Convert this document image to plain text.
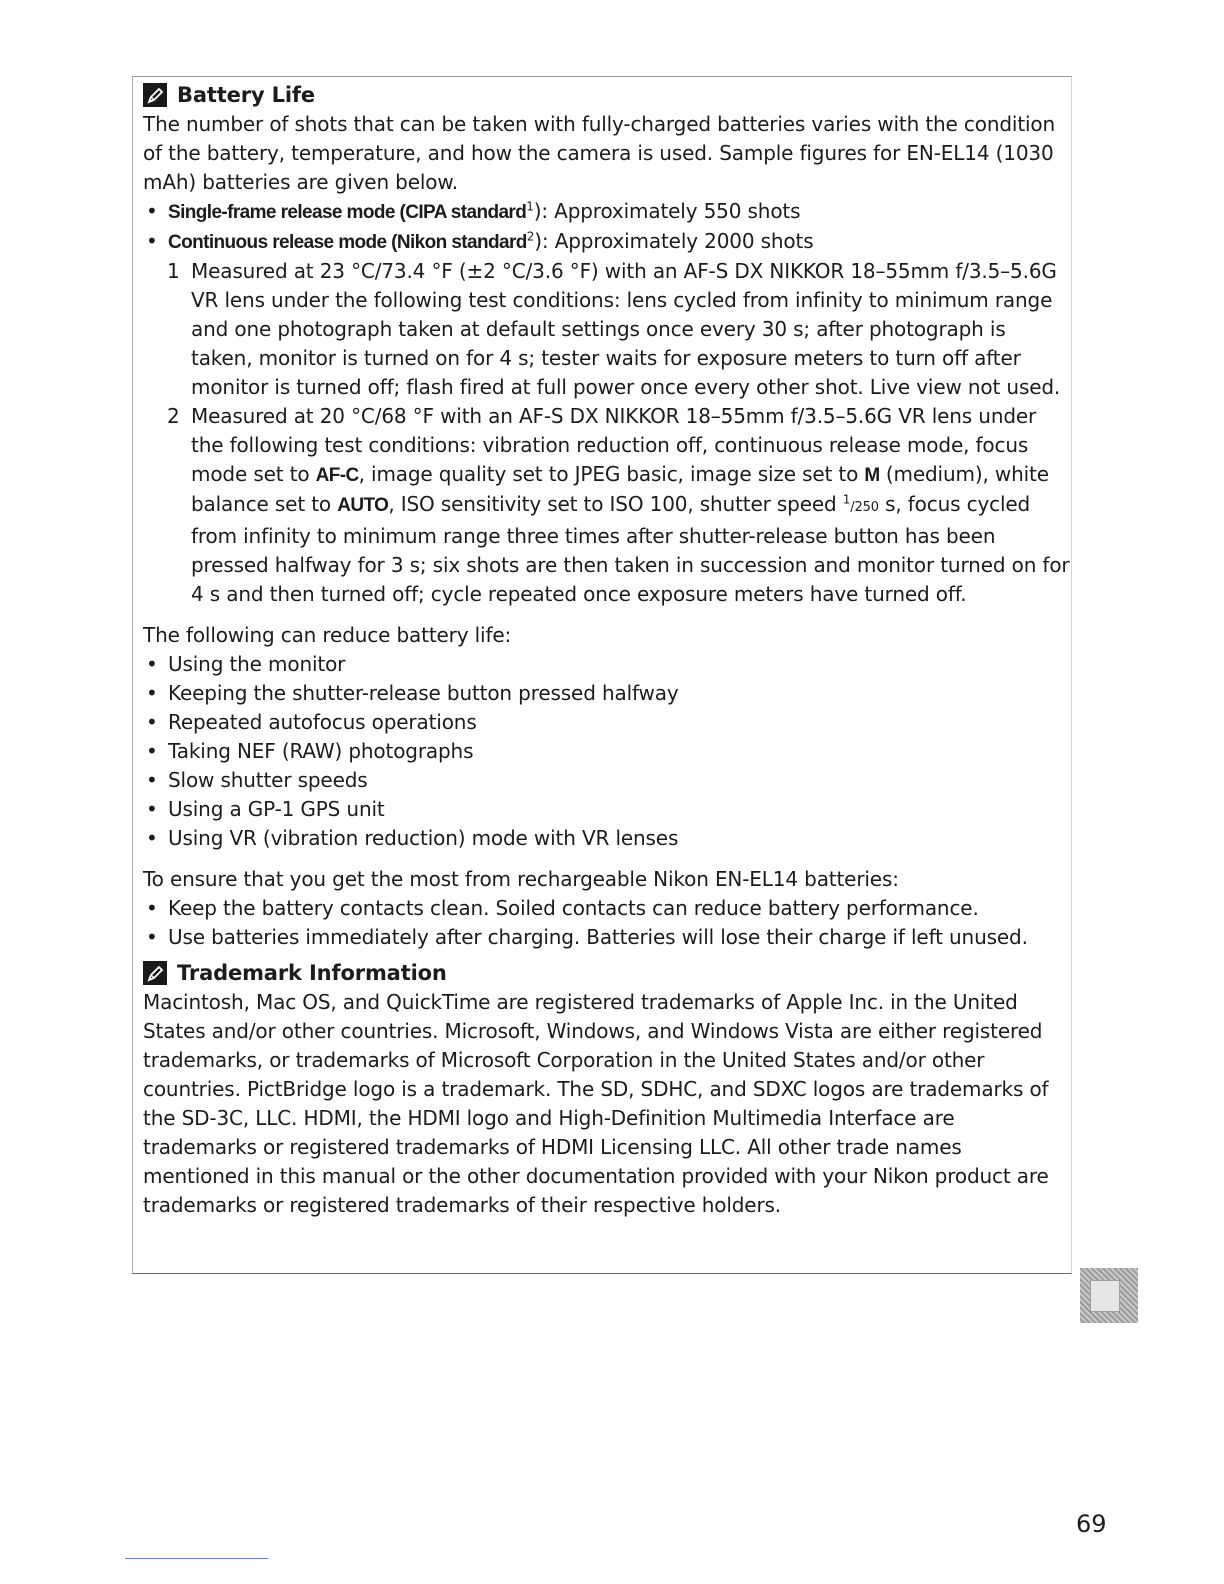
Battery Life

The number of shots that can be taken with fully-charged batteries varies with the condition of the battery, temperature, and how the camera is used. Sample figures for EN-EL14 (1030 mAh) batteries are given below.

• Single-frame release mode (CIPA standard$^1$): Approximately 550 shots
• Continuous release mode (Nikon standard$^2$): Approximately 2000 shots
1 Measured at 23 °C/73.4 °F (±2 °C/3.6 °F) with an AF-S DX NIKKOR 18–55mm f/3.5–5.6G VR lens under the following test conditions: lens cycled from infinity to minimum range and one photograph taken at default settings once every 30 s; after photograph is taken, monitor is turned on for 4 s; tester waits for exposure meters to turn off after monitor is turned off; flash fired at full power once every other shot. Live view not used.
2 Measured at 20 °C/68 °F with an AF-S DX NIKKOR 18–55mm f/3.5–5.6G VR lens under the following test conditions: vibration reduction off, continuous release mode, focus mode set to AF-C, image quality set to JPEG basic, image size set to M (medium), white balance set to AUTO, ISO sensitivity set to ISO 100, shutter speed $^1$/250 s, focus cycled from infinity to minimum range three times after shutter-release button has been pressed halfway for 3 s; six shots are then taken in succession and monitor turned on for 4 s and then turned off; cycle repeated once exposure meters have turned off.

The following can reduce battery life:

• Using the monitor
• Keeping the shutter-release button pressed halfway
• Repeated autofocus operations
• Taking NEF (RAW) photographs
• Slow shutter speeds
• Using a GP-1 GPS unit
• Using VR (vibration reduction) mode with VR lenses

To ensure that you get the most from rechargeable Nikon EN-EL14 batteries:

• Keep the battery contacts clean. Soiled contacts can reduce battery performance.
• Use batteries immediately after charging. Batteries will lose their charge if left unused.
Trademark Information

Macintosh, Mac OS, and QuickTime are registered trademarks of Apple Inc. in the United States and/or other countries. Microsoft, Windows, and Windows Vista are either registered trademarks, or trademarks of Microsoft Corporation in the United States and/or other countries. PictBridge logo is a trademark. The SD, SDHC, and SDXC logos are trademarks of the SD-3C, LLC. HDMI, the HDMI logo and High-Definition Multimedia Interface are trademarks or registered trademarks of HDMI Licensing LLC. All other trade names mentioned in this manual or the other documentation provided with your Nikon product are trademarks or registered trademarks of their respective holders.

69
